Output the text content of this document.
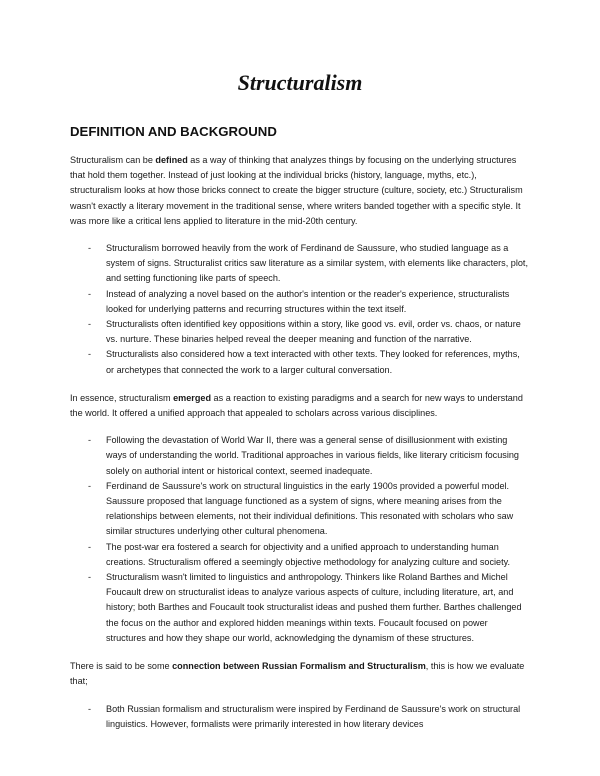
Structuralism
DEFINITION AND BACKGROUND

Structuralism can be defined as a way of thinking that analyzes things by focusing on the underlying structures that hold them together. Instead of just looking at the individual bricks (history, language, myths, etc.), structuralism looks at how those bricks connect to create the bigger structure (culture, society, etc.) Structuralism wasn't exactly a literary movement in the traditional sense, where writers banded together with a specific style. It was more like a critical lens applied to literature in the mid-20th century.

- Structuralism borrowed heavily from the work of Ferdinand de Saussure, who studied language as a system of signs. Structuralist critics saw literature as a similar system, with elements like characters, plot, and setting functioning like parts of speech.
- Instead of analyzing a novel based on the author's intention or the reader's experience, structuralists looked for underlying patterns and recurring structures within the text itself.
- Structuralists often identified key oppositions within a story, like good vs. evil, order vs. chaos, or nature vs. nurture. These binaries helped reveal the deeper meaning and function of the narrative.
- Structuralists also considered how a text interacted with other texts. They looked for references, myths, or archetypes that connected the work to a larger cultural conversation.

In essence, structuralism emerged as a reaction to existing paradigms and a search for new ways to understand the world. It offered a unified approach that appealed to scholars across various disciplines.

- Following the devastation of World War II, there was a general sense of disillusionment with existing ways of understanding the world. Traditional approaches in various fields, like literary criticism focusing solely on authorial intent or historical context, seemed inadequate.
- Ferdinand de Saussure's work on structural linguistics in the early 1900s provided a powerful model. Saussure proposed that language functioned as a system of signs, where meaning arises from the relationships between elements, not their individual definitions. This resonated with scholars who saw similar structures underlying other cultural phenomena.
- The post-war era fostered a search for objectivity and a unified approach to understanding human creations. Structuralism offered a seemingly objective methodology for analyzing culture and society.
- Structuralism wasn't limited to linguistics and anthropology. Thinkers like Roland Barthes and Michel Foucault drew on structuralist ideas to analyze various aspects of culture, including literature, art, and history; both Barthes and Foucault took structuralist ideas and pushed them further. Barthes challenged the focus on the author and explored hidden meanings within texts. Foucault focused on power structures and how they shape our world, acknowledging the dynamism of these structures.

There is said to be some connection between Russian Formalism and Structuralism, this is how we evaluate that;

- Both Russian formalism and structuralism were inspired by Ferdinand de Saussure's work on structural linguistics. However, formalists were primarily interested in how literary devices
